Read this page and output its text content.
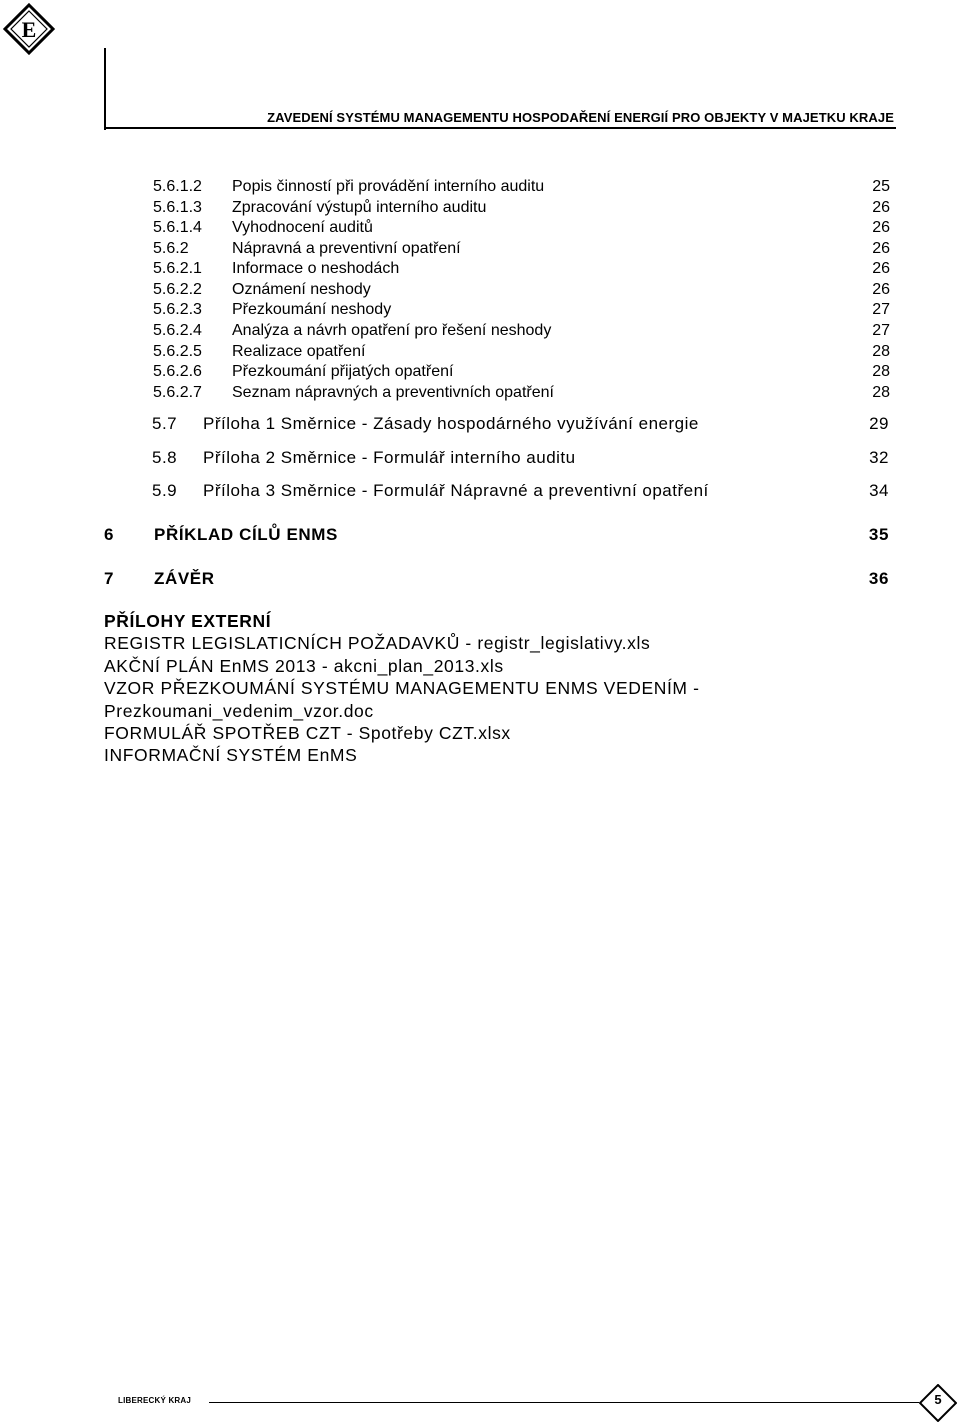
E
ZAVEDENÍ SYSTÉMU MANAGEMENTU HOSPODAŘENÍ ENERGIÍ PRO OBJEKTY V MAJETKU KRAJE
5.6.1.2 Popis činností při provádění interního auditu	25
5.6.1.3 Zpracování výstupů interního auditu	26
5.6.1.4 Vyhodnocení auditů	26
5.6.2	Nápravná a preventivní opatření	26
5.6.2.1 Informace o neshodách	26
5.6.2.2 Oznámení neshody	26
5.6.2.3 Přezkoumání neshody	27
5.6.2.4 Analýza a návrh opatření pro řešení neshody	27
5.6.2.5 Realizace opatření	28
5.6.2.6 Přezkoumání přijatých opatření	28
5.6.2.7 Seznam nápravných a preventivních opatření	28
5.7 Příloha 1 Směrnice - Zásady hospodárného využívání energie	29
5.8 Příloha 2 Směrnice - Formulář interního auditu	32
5.9 Příloha 3 Směrnice - Formulář Nápravné a preventivní opatření	34
6 PŘÍKLAD CÍLŮ ENMS	35
7 ZÁVĚR	36
PŘÍLOHY EXTERNÍ
REGISTR LEGISLATICNÍCH POŽADAVKŮ - registr_legislativy.xls
AKČNÍ PLÁN EnMS 2013 - akcni_plan_2013.xls
VZOR PŘEZKOUMÁNÍ SYSTÉMU MANAGEMENTU ENMS VEDENÍM -
Prezkoumani_vedenim_vzor.doc
FORMULÁŘ SPOTŘEB CZT - Spotřeby CZT.xlsx
INFORMAČNÍ SYSTÉM EnMS
LIBERECKÝ KRAJ	5
